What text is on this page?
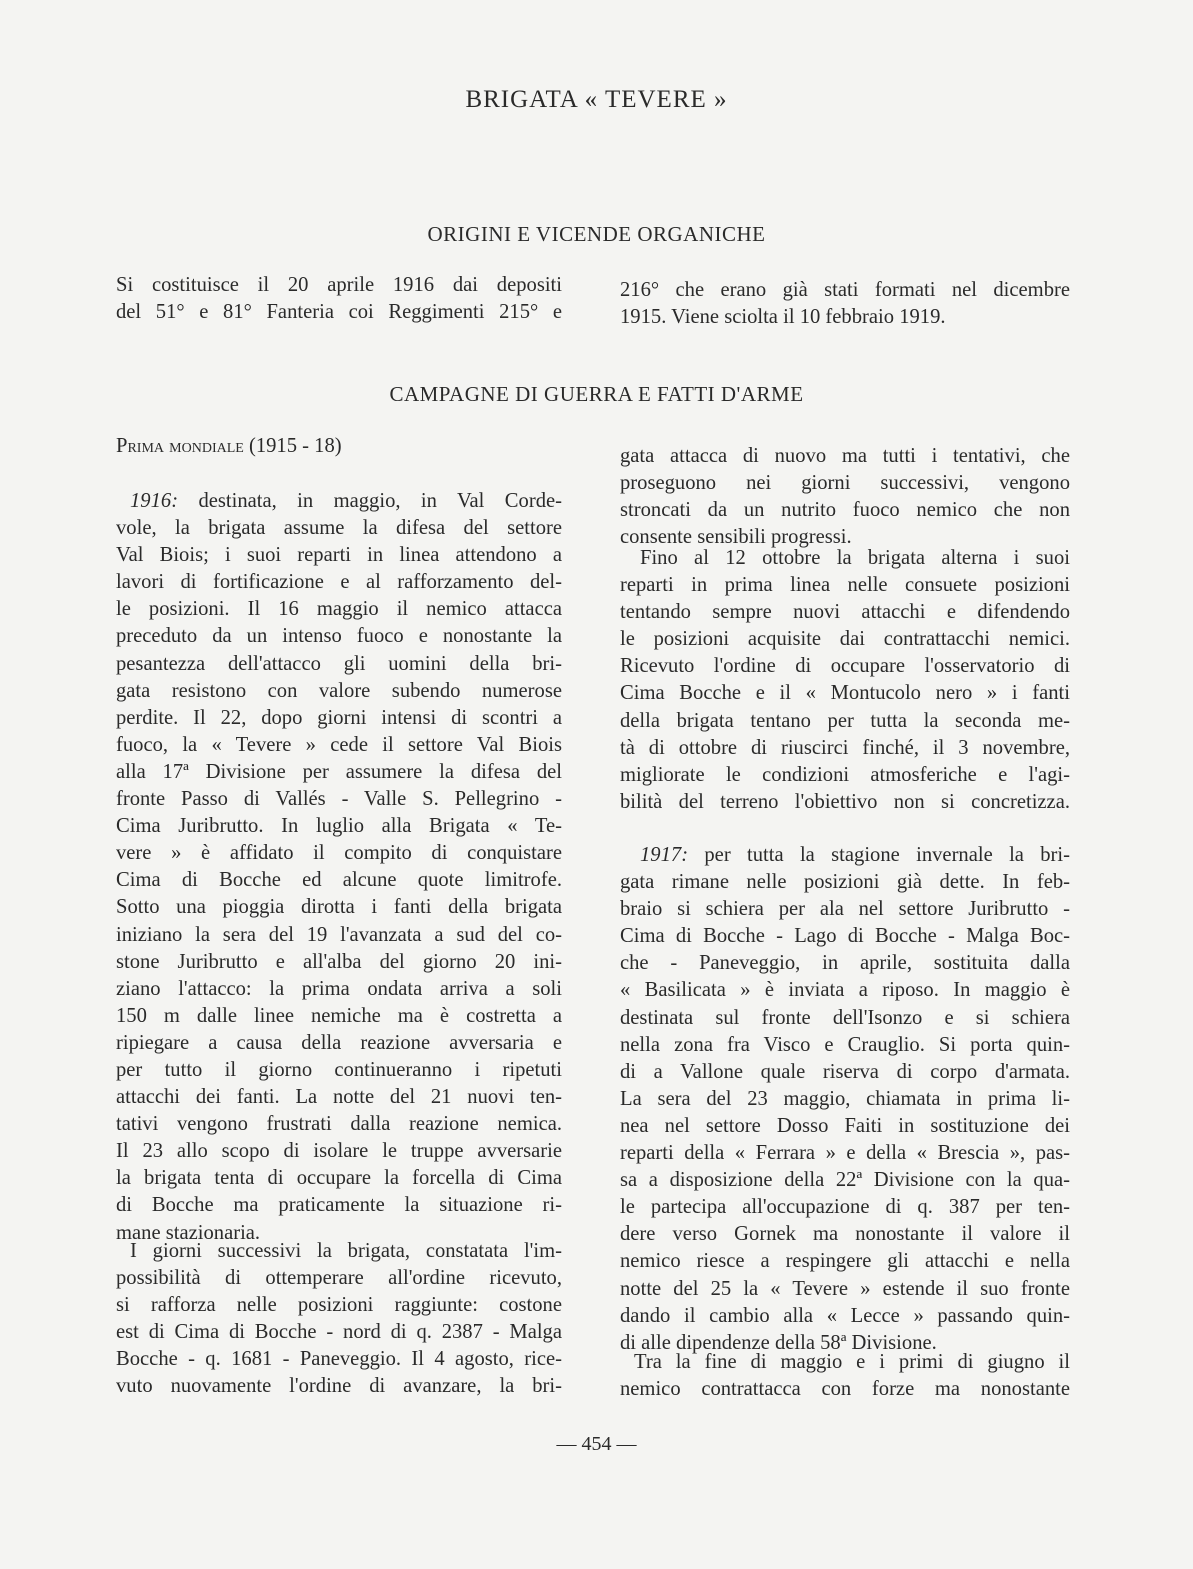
BRIGATA « TEVERE »
ORIGINI E VICENDE ORGANICHE
Si costituisce il 20 aprile 1916 dai depositi
del 51° e 81° Fanteria coi Reggimenti 215° e
216° che erano già stati formati nel dicembre
1915. Viene sciolta il 10 febbraio 1919.
CAMPAGNE DI GUERRA E FATTI D'ARME
Prima mondiale (1915 - 18)
1916: destinata, in maggio, in Val Corde-
vole, la brigata assume la difesa del settore
Val Biois; i suoi reparti in linea attendono a
lavori di fortificazione e al rafforzamento del-
le posizioni. Il 16 maggio il nemico attacca
preceduto da un intenso fuoco e nonostante la
pesantezza dell'attacco gli uomini della bri-
gata resistono con valore subendo numerose
perdite. Il 22, dopo giorni intensi di scontri a
fuoco, la « Tevere » cede il settore Val Biois
alla 17ª Divisione per assumere la difesa del
fronte Passo di Vallés - Valle S. Pellegrino -
Cima Juribrutto. In luglio alla Brigata « Te-
vere » è affidato il compito di conquistare
Cima di Bocche ed alcune quote limitrofe.
Sotto una pioggia dirotta i fanti della brigata
iniziano la sera del 19 l'avanzata a sud del co-
stone Juribrutto e all'alba del giorno 20 ini-
ziano l'attacco: la prima ondata arriva a soli
150 m dalle linee nemiche ma è costretta a
ripiegare a causa della reazione avversaria e
per tutto il giorno continueranno i ripetuti
attacchi dei fanti. La notte del 21 nuovi ten-
tativi vengono frustrati dalla reazione nemica.
Il 23 allo scopo di isolare le truppe avversarie
la brigata tenta di occupare la forcella di Cima
di Bocche ma praticamente la situazione ri-
mane stazionaria.
I giorni successivi la brigata, constatata l'im-
possibilità di ottemperare all'ordine ricevuto,
si rafforza nelle posizioni raggiunte: costone
est di Cima di Bocche - nord di q. 2387 - Malga
Bocche - q. 1681 - Paneveggio. Il 4 agosto, rice-
vuto nuovamente l'ordine di avanzare, la bri-
gata attacca di nuovo ma tutti i tentativi, che
proseguono nei giorni successivi, vengono
stroncati da un nutrito fuoco nemico che non
consente sensibili progressi.
Fino al 12 ottobre la brigata alterna i suoi
reparti in prima linea nelle consuete posizioni
tentando sempre nuovi attacchi e difendendo
le posizioni acquisite dai contrattacchi nemici.
Ricevuto l'ordine di occupare l'osservatorio di
Cima Bocche e il « Montucolo nero » i fanti
della brigata tentano per tutta la seconda me-
tà di ottobre di riuscirci finché, il 3 novembre,
migliorate le condizioni atmosferiche e l'agi-
bilità del terreno l'obiettivo non si concretizza.
1917: per tutta la stagione invernale la bri-
gata rimane nelle posizioni già dette. In feb-
braio si schiera per ala nel settore Juribrutto -
Cima di Bocche - Lago di Bocche - Malga Boc-
che - Paneveggio, in aprile, sostituita dalla
« Basilicata » è inviata a riposo. In maggio è
destinata sul fronte dell'Isonzo e si schiera
nella zona fra Visco e Crauglio. Si porta quin-
di a Vallone quale riserva di corpo d'armata.
La sera del 23 maggio, chiamata in prima li-
nea nel settore Dosso Faiti in sostituzione dei
reparti della « Ferrara » e della « Brescia », pas-
sa a disposizione della 22ª Divisione con la qua-
le partecipa all'occupazione di q. 387 per ten-
dere verso Gornek ma nonostante il valore il
nemico riesce a respingere gli attacchi e nella
notte del 25 la « Tevere » estende il suo fronte
dando il cambio alla « Lecce » passando quin-
di alle dipendenze della 58ª Divisione.
Tra la fine di maggio e i primi di giugno il
nemico contrattacca con forze ma nonostante
— 454 —
